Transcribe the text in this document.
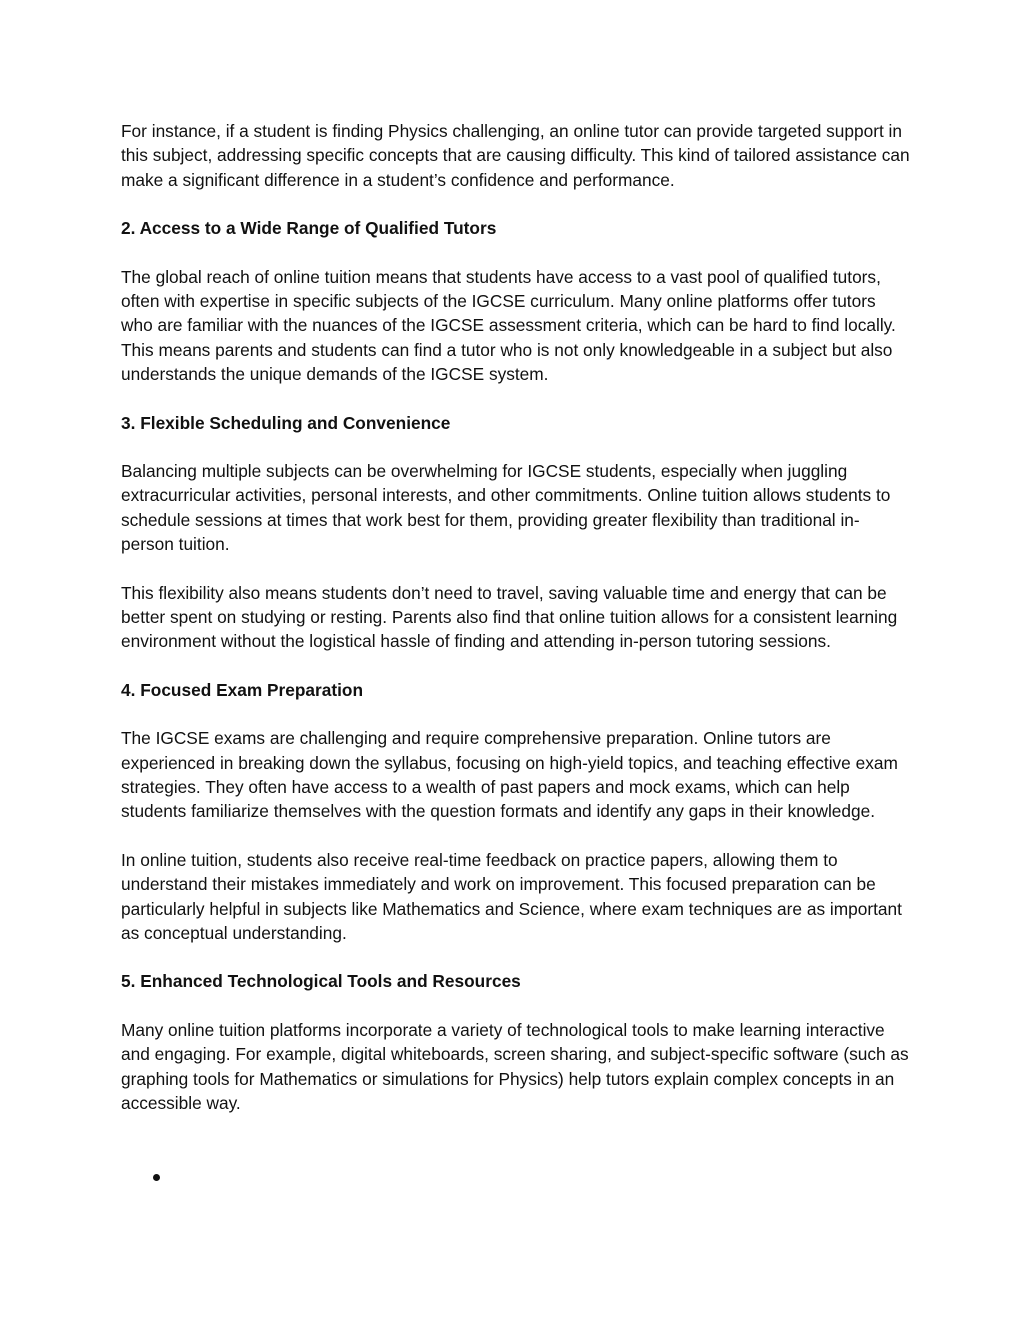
For instance, if a student is finding Physics challenging, an online tutor can provide targeted support in this subject, addressing specific concepts that are causing difficulty. This kind of tailored assistance can make a significant difference in a student’s confidence and performance.

2. Access to a Wide Range of Qualified Tutors

The global reach of online tuition means that students have access to a vast pool of qualified tutors, often with expertise in specific subjects of the IGCSE curriculum. Many online platforms offer tutors who are familiar with the nuances of the IGCSE assessment criteria, which can be hard to find locally. This means parents and students can find a tutor who is not only knowledgeable in a subject but also understands the unique demands of the IGCSE system.

3. Flexible Scheduling and Convenience

Balancing multiple subjects can be overwhelming for IGCSE students, especially when juggling extracurricular activities, personal interests, and other commitments. Online tuition allows students to schedule sessions at times that work best for them, providing greater flexibility than traditional in-person tuition.

This flexibility also means students don’t need to travel, saving valuable time and energy that can be better spent on studying or resting. Parents also find that online tuition allows for a consistent learning environment without the logistical hassle of finding and attending in-person tutoring sessions.

4. Focused Exam Preparation

The IGCSE exams are challenging and require comprehensive preparation. Online tutors are experienced in breaking down the syllabus, focusing on high-yield topics, and teaching effective exam strategies. They often have access to a wealth of past papers and mock exams, which can help students familiarize themselves with the question formats and identify any gaps in their knowledge.

In online tuition, students also receive real-time feedback on practice papers, allowing them to understand their mistakes immediately and work on improvement. This focused preparation can be particularly helpful in subjects like Mathematics and Science, where exam techniques are as important as conceptual understanding.

5. Enhanced Technological Tools and Resources

Many online tuition platforms incorporate a variety of technological tools to make learning interactive and engaging. For example, digital whiteboards, screen sharing, and subject-specific software (such as graphing tools for Mathematics or simulations for Physics) help tutors explain complex concepts in an accessible way.
